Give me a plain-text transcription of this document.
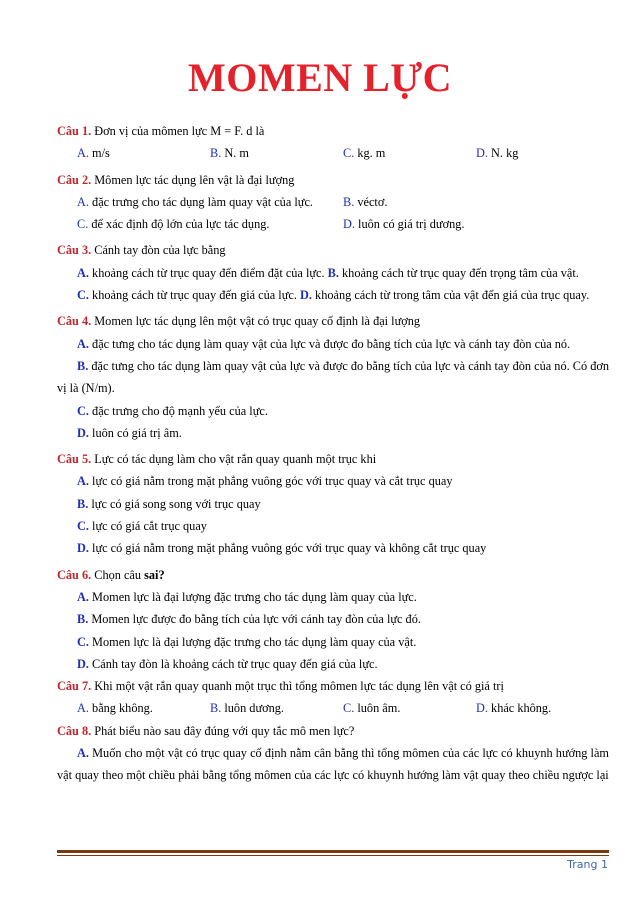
MOMEN LỰC
Câu 1. Đơn vị của mômen lực M = F. d là
A. m/s	B. N. m	C. kg. m	D. N. kg
Câu 2. Mômen lực tác dụng lên vật là đại lượng
A. đặc trưng cho tác dụng làm quay vật của lực.	B. véctơ.
C. để xác định độ lớn của lực tác dụng.	D. luôn có giá trị dương.
Câu 3. Cánh tay đòn của lực bằng
A. khoảng cách từ trục quay đến điểm đặt của lực. B. khoảng cách từ trục quay đến trọng tâm của vật.
C. khoảng cách từ trục quay đến giá của lực. D. khoảng cách từ trong tâm của vật đến giá của trục quay.
Câu 4. Momen lực tác dụng lên một vật có trục quay cố định là đại lượng
A. đặc tưng cho tác dụng làm quay vật của lực và được đo bằng tích của lực và cánh tay đòn của nó.
B. đặc tưng cho tác dụng làm quay vật của lực và được đo bằng tích của lực và cánh tay đòn của nó. Có đơn vị là (N/m).
C. đặc trưng cho độ mạnh yếu của lực.
D. luôn có giá trị âm.
Câu 5. Lực có tác dụng làm cho vật rắn quay quanh một trục khi
A. lực có giá nằm trong mặt phẳng vuông góc với trục quay và cắt trục quay
B. lực có giá song song với trục quay
C. lực có giá cắt trục quay
D. lực có giá nằm trong mặt phẳng vuông góc với trục quay và không cắt trục quay
Câu 6. Chọn câu sai?
A. Momen lực là đại lượng đặc trưng cho tác dụng làm quay của lực.
B. Momen lực được đo bằng tích của lực với cánh tay đòn của lực đó.
C. Momen lực là đại lượng đặc trưng cho tác dụng làm quay của vật.
D. Cánh tay đòn là khoảng cách từ trục quay đến giá của lực.
Câu 7. Khi một vật rắn quay quanh một trục thì tổng mômen lực tác dụng lên vật có giá trị
A. bằng không.	B. luôn dương.	C. luôn âm.	D. khác không.
Câu 8. Phát biểu nào sau đây đúng với quy tắc mô men lực?
A. Muốn cho một vật có trục quay cố định nằm cân bằng thì tổng mômen của các lực có khuynh hướng làm vật quay theo một chiều phải bằng tổng mômen của các lực có khuynh hướng làm vật quay theo chiều ngược lại
Trang 1
